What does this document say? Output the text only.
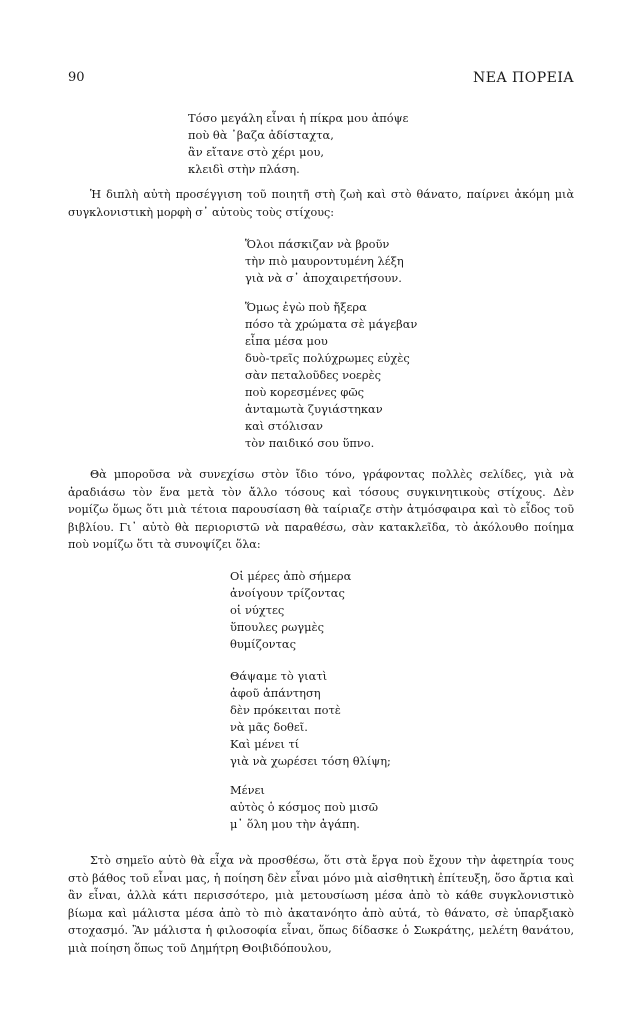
90	ΝΕΑ ΠΟΡΕΙΑ
Τόσο μεγάλη εἶναι ἡ πίκρα μου ἀπόψε
ποὺ θὰ ᾽βαζα ἀδίσταχτα,
ἂν εἴτανε στὸ χέρι μου,
κλειδὶ στὴν πλάση.

Ἡ διπλὴ αὐτὴ προσέγγιση τοῦ ποιητῆ στὴ ζωὴ καὶ στὸ θάνατο, παίρνει ἀκόμη μιὰ συγκλονιστικὴ μορφὴ σ᾽ αὐτοὺς τοὺς στίχους:

Ὅλοι πάσκιζαν νὰ βροῦν
τὴν πιὸ μαυροντυμένη λέξη
γιὰ νὰ σ᾽ ἀποχαιρετήσουν.
Ὅμως ἐγὼ ποὺ ἤξερα
πόσο τὰ χρώματα σὲ μάγεβαν
εἶπα μέσα μου
δυὸ-τρεῖς πολύχρωμες εὐχὲς
σὰν πεταλοῦδες νοερὲς
ποὺ κορεσμένες φῶς
ἀνταμωτὰ ζυγιάστηκαν
καὶ στόλισαν
τὸν παιδικό σου ὕπνο.

Θὰ μποροῦσα νὰ συνεχίσω στὸν ἴδιο τόνο, γράφοντας πολλὲς σελίδες, γιὰ νὰ ἀραδιάσω τὸν ἕνα μετὰ τὸν ἄλλο τόσους καὶ τόσους συγκινητικοὺς στίχους. Δὲν νομίζω ὅμως ὅτι μιὰ τέτοια παρουσίαση θὰ ταίριαζε στὴν ἀτμόσφαιρα καὶ τὸ εἶδος τοῦ βιβλίου. Γι᾽ αὐτὸ θὰ περιοριστῶ νὰ παραθέσω, σὰν κατακλεῖδα, τὸ ἀκόλουθο ποίημα ποὺ νομίζω ὅτι τὰ συνοψίζει ὅλα:

Οἱ μέρες ἀπὸ σήμερα
ἀνοίγουν τρίζοντας
οἱ νύχτες
ὕπουλες ρωγμὲς
θυμίζοντας
Θάψαμε τὸ γιατὶ
ἀφοῦ ἀπάντηση
δὲν πρόκειται ποτὲ
νὰ μᾶς δοθεῖ.
Καὶ μένει τί
γιὰ νὰ χωρέσει τόση θλίψη;
Μένει
αὐτὸς ὁ κόσμος ποὺ μισῶ
μ᾽ ὅλη μου τὴν ἀγάπη.

Στὸ σημεῖο αὐτὸ θὰ εἶχα νὰ προσθέσω, ὅτι στὰ ἔργα ποὺ ἔχουν τὴν ἀφετηρία τους στὸ βάθος τοῦ εἶναι μας, ἡ ποίηση δὲν εἶναι μόνο μιὰ αἰσθητικὴ ἐπίτευξη, ὅσο ἄρτια καὶ ἂν εἶναι, ἀλλὰ κάτι περισσότερο, μιὰ μετουσίωση μέσα ἀπὸ τὸ κάθε συγκλονιστικὸ βίωμα καὶ μάλιστα μέσα ἀπὸ τὸ πιὸ ἀκατανόητο ἀπὸ αὐτά, τὸ θάνατο, σὲ ὑπαρξιακὸ στοχασμό. Ἂν μάλιστα ἡ φιλοσοφία εἶναι, ὅπως δίδασκε ὁ Σωκράτης, μελέτη θανάτου, μιὰ ποίηση ὅπως τοῦ Δημήτρη Θοιβιδόπουλου,
